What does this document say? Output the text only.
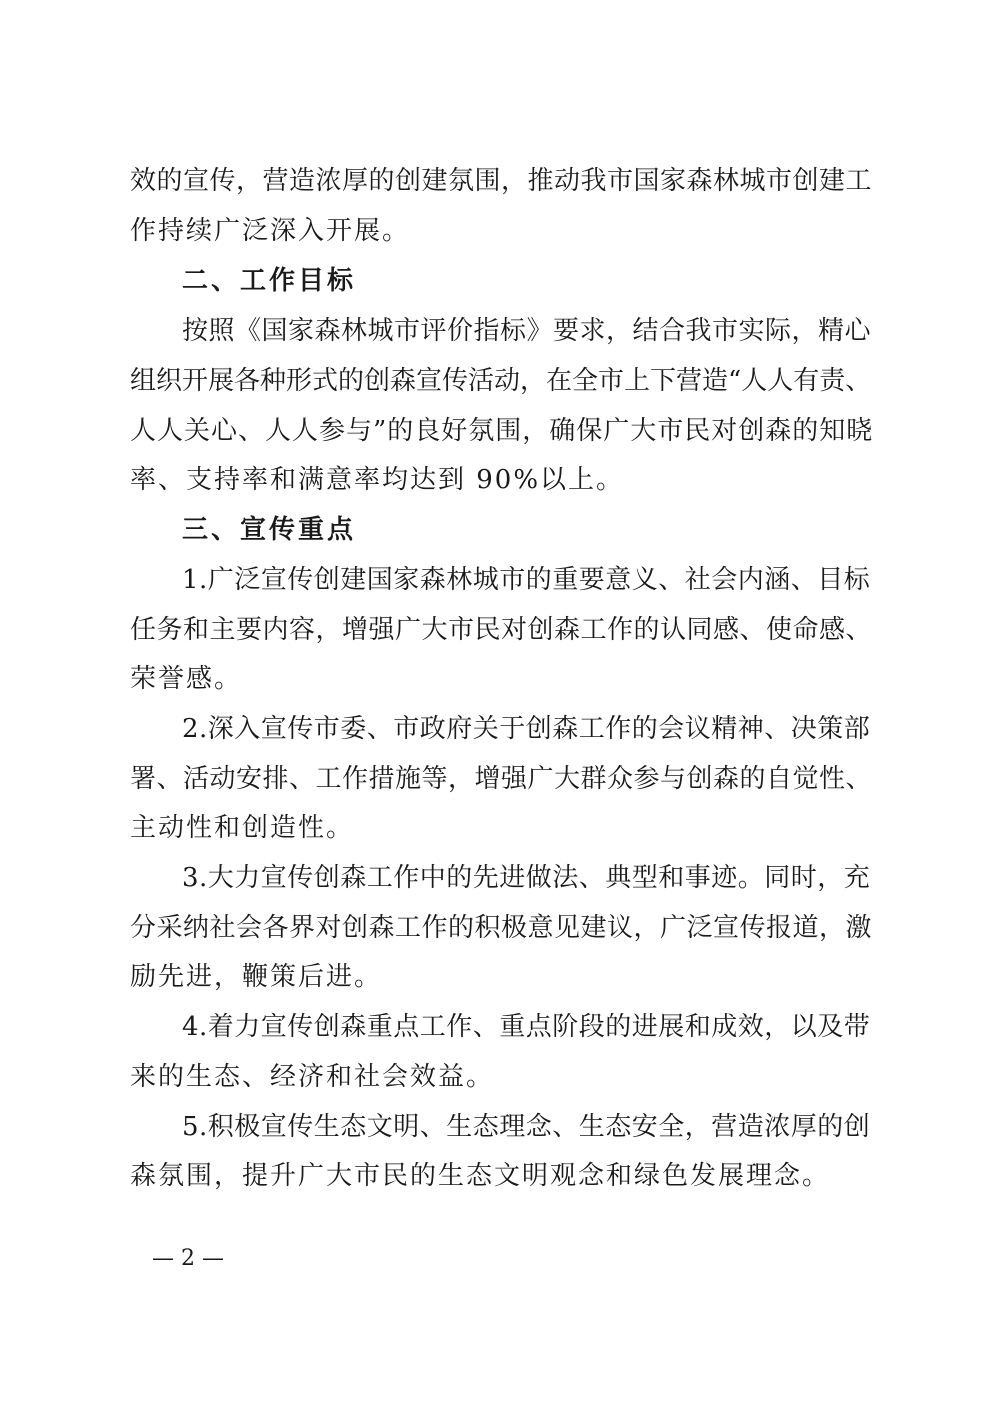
效的宣传，营造浓厚的创建氛围，推动我市国家森林城市创建工
作持续广泛深入开展。
二、工作目标
按照《国家森林城市评价指标》要求，结合我市实际，精心
组织开展各种形式的创森宣传活动，在全市上下营造“人人有责、
人人关心、人人参与”的良好氛围，确保广大市民对创森的知晓
率、支持率和满意率均达到 90%以上。
三、宣传重点
1.广泛宣传创建国家森林城市的重要意义、社会内涵、目标
任务和主要内容，增强广大市民对创森工作的认同感、使命感、
荣誉感。
2.深入宣传市委、市政府关于创森工作的会议精神、决策部
署、活动安排、工作措施等，增强广大群众参与创森的自觉性、
主动性和创造性。
3.大力宣传创森工作中的先进做法、典型和事迹。同时，充
分采纳社会各界对创森工作的积极意见建议，广泛宣传报道，激
励先进，鞭策后进。
4.着力宣传创森重点工作、重点阶段的进展和成效，以及带
来的生态、经济和社会效益。
5.积极宣传生态文明、生态理念、生态安全，营造浓厚的创
森氛围，提升广大市民的生态文明观念和绿色发展理念。
— 2 —
